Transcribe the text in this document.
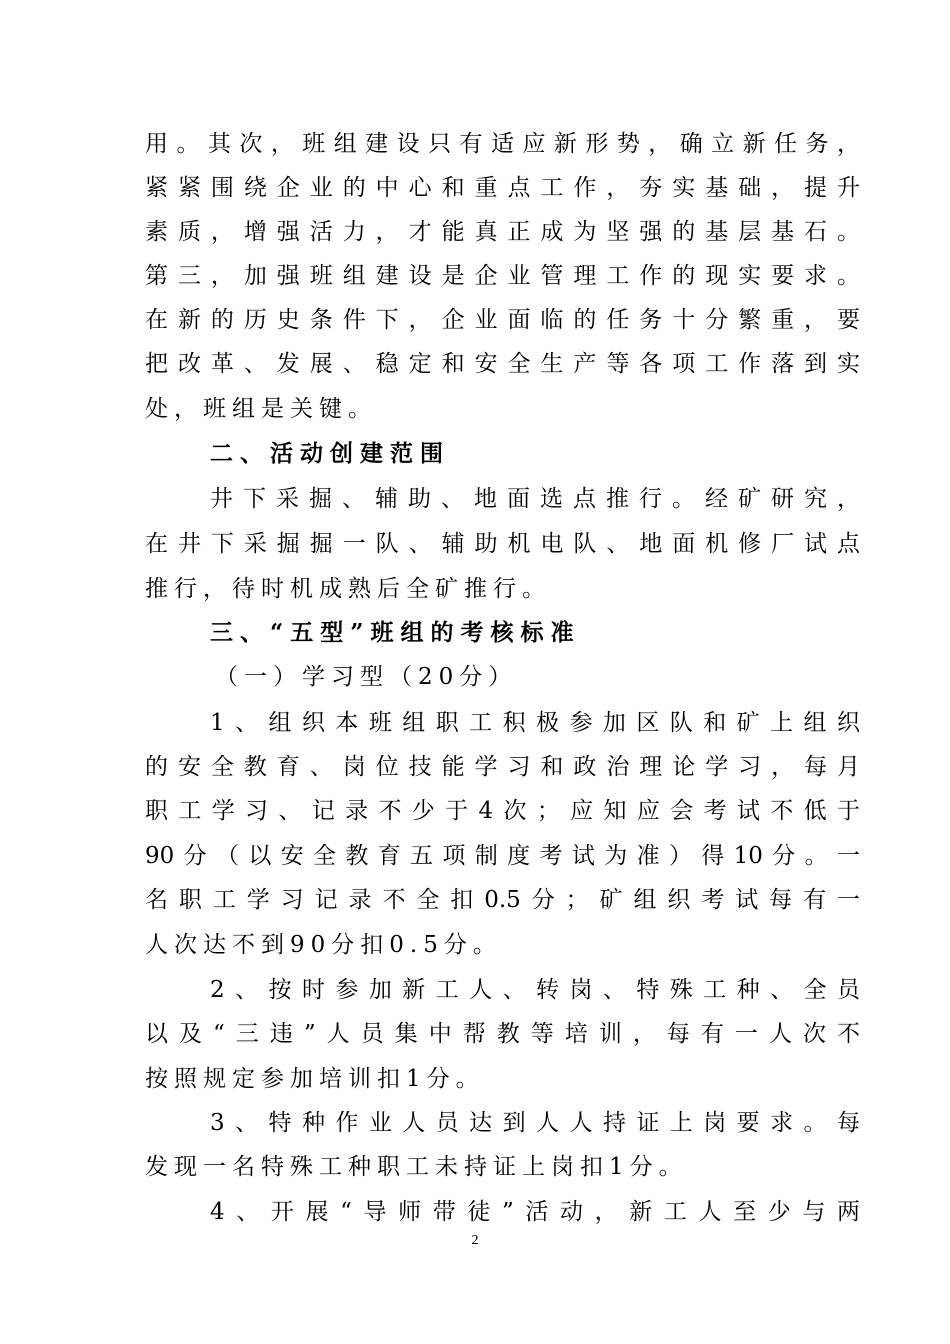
用。其次，班组建设只有适应新形势，确立新任务，
紧紧围绕企业的中心和重点工作，夯实基础，提升
素质，增强活力，才能真正成为坚强的基层基石。
第三，加强班组建设是企业管理工作的现实要求。
在新的历史条件下，企业面临的任务十分繁重，要
把改革、发展、稳定和安全生产等各项工作落到实
处，班组是关键。
二、活动创建范围
井下采掘、辅助、地面选点推行。经矿研究，
在井下采掘掘一队、辅助机电队、地面机修厂试点
推行，待时机成熟后全矿推行。
三、“五型”班组的考核标准
（一）学习型（20分）
1、组织本班组职工积极参加区队和矿上组织
的安全教育、岗位技能学习和政治理论学习，每月
职工学习、记录不少于4次；应知应会考试不低于
90分（以安全教育五项制度考试为准）得10分。一
名职工学习记录不全扣0.5分；矿组织考试每有一
人次达不到90分扣0.5分。
2、按时参加新工人、转岗、特殊工种、全员
以及“三违”人员集中帮教等培训，每有一人次不
按照规定参加培训扣1分。
3、特种作业人员达到人人持证上岗要求。每
发现一名特殊工种职工未持证上岗扣1分。
4、开展“导师带徒”活动，新工人至少与两
2
